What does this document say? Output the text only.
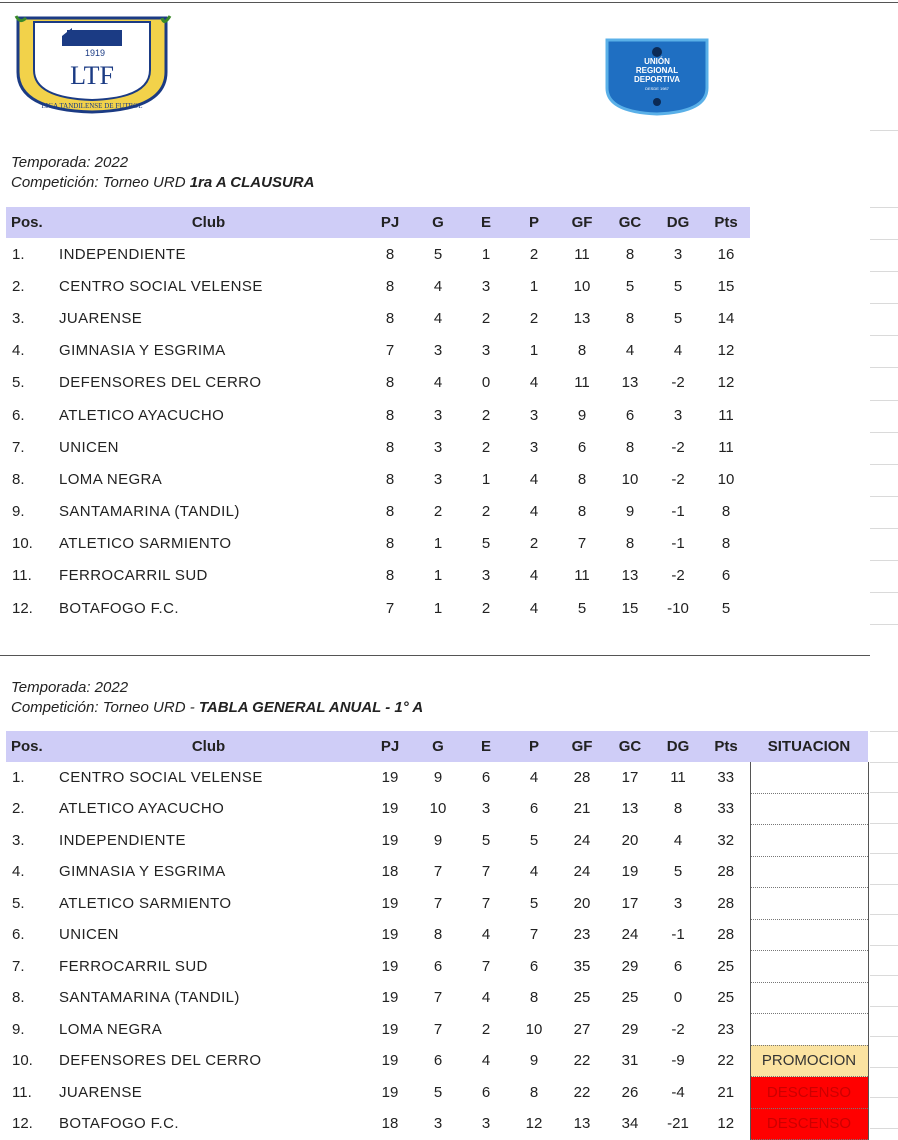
1919
LTF
LIGA TANDILENSE DE FUTBOL
UNIÓN
REGIONAL
DEPORTIVA
DESDE 1987
Temporada: 2022
Competición: Torneo URD 1ra A CLAUSURA
Pos.	Club	PJ	G	E	P	GF	GC	DG	Pts
1.	INDEPENDIENTE	8	5	1	2	11	8	3	16
2.	CENTRO SOCIAL VELENSE	8	4	3	1	10	5	5	15
3.	JUARENSE	8	4	2	2	13	8	5	14
4.	GIMNASIA Y ESGRIMA	7	3	3	1	8	4	4	12
5.	DEFENSORES DEL CERRO	8	4	0	4	11	13	-2	12
6.	ATLETICO AYACUCHO	8	3	2	3	9	6	3	11
7.	UNICEN	8	3	2	3	6	8	-2	11
8.	LOMA NEGRA	8	3	1	4	8	10	-2	10
9.	SANTAMARINA (TANDIL)	8	2	2	4	8	9	-1	8
10.	ATLETICO SARMIENTO	8	1	5	2	7	8	-1	8
11.	FERROCARRIL SUD	8	1	3	4	11	13	-2	6
12.	BOTAFOGO F.C.	7	1	2	4	5	15	-10	5
Temporada: 2022
Competición: Torneo URD - TABLA GENERAL ANUAL - 1° A
Pos.	Club	PJ	G	E	P	GF	GC	DG	Pts	SITUACION
1.	CENTRO SOCIAL VELENSE	19	9	6	4	28	17	11	33	
2.	ATLETICO AYACUCHO	19	10	3	6	21	13	8	33	
3.	INDEPENDIENTE	19	9	5	5	24	20	4	32	
4.	GIMNASIA Y ESGRIMA	18	7	7	4	24	19	5	28	
5.	ATLETICO SARMIENTO	19	7	7	5	20	17	3	28	
6.	UNICEN	19	8	4	7	23	24	-1	28	
7.	FERROCARRIL SUD	19	6	7	6	35	29	6	25	
8.	SANTAMARINA (TANDIL)	19	7	4	8	25	25	0	25	
9.	LOMA NEGRA	19	7	2	10	27	29	-2	23	
10.	DEFENSORES DEL CERRO	19	6	4	9	22	31	-9	22	PROMOCION
11.	JUARENSE	19	5	6	8	22	26	-4	21	DESCENSO
12.	BOTAFOGO F.C.	18	3	3	12	13	34	-21	12	DESCENSO
